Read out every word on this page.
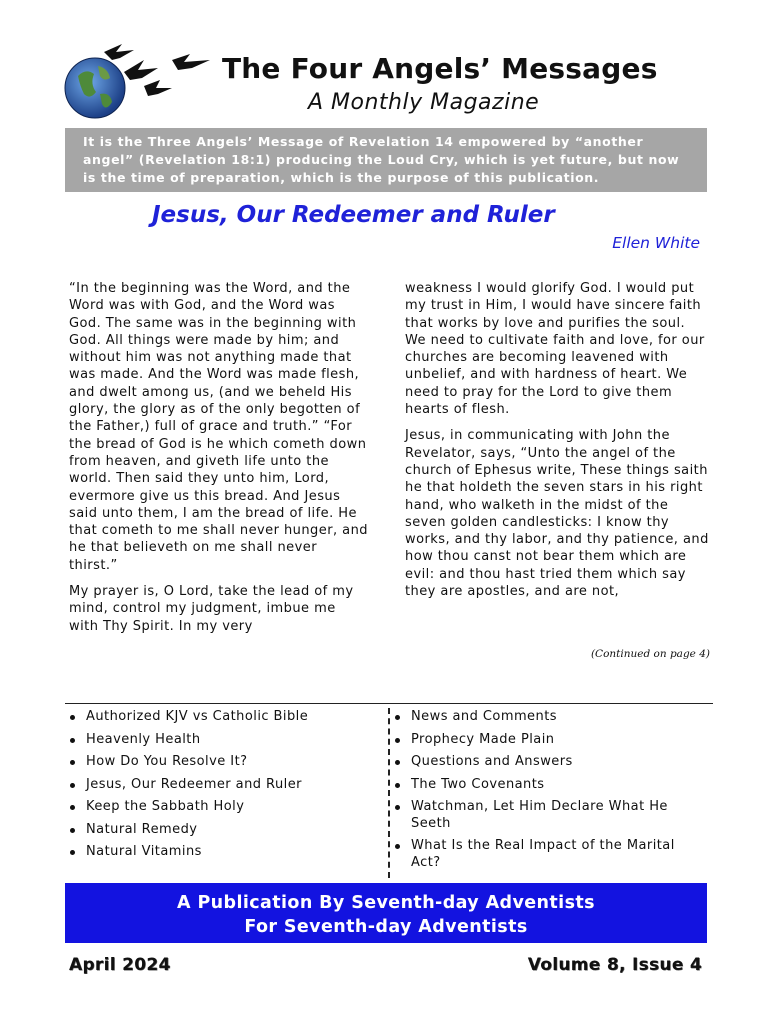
The Four Angels’ Messages
A Monthly Magazine
It is the Three Angels’ Message of Revelation 14 empowered by “another angel” (Revelation 18:1) producing the Loud Cry, which is yet future, but now is the time of preparation, which is the purpose of this publication.
Jesus, Our Redeemer and Ruler
Ellen White

“In the beginning was the Word, and the Word was with God, and the Word was God. The same was in the beginning with God. All things were made by him; and without him was not anything made that was made. And the Word was made flesh, and dwelt among us, (and we beheld His glory, the glory as of the only begotten of the Father,) full of grace and truth.” “For the bread of God is he which cometh down from heaven, and giveth life unto the world. Then said they unto him, Lord, evermore give us this bread. And Jesus said unto them, I am the bread of life. He that cometh to me shall never hunger, and he that believeth on me shall never thirst.”

My prayer is, O Lord, take the lead of my mind, control my judgment, imbue me with Thy Spirit. In my very

weakness I would glorify God. I would put my trust in Him, I would have sincere faith that works by love and purifies the soul. We need to cultivate faith and love, for our churches are becoming leavened with unbelief, and with hardness of heart. We need to pray for the Lord to give them hearts of flesh.

Jesus, in communicating with John the Revelator, says, “Unto the angel of the church of Ephesus write, These things saith he that holdeth the seven stars in his right hand, who walketh in the midst of the seven golden candlesticks: I know thy works, and thy labor, and thy patience, and how thou canst not bear them which are evil: and thou hast tried them which say they are apostles, and are not,

(Continued on page 4)
Authorized KJV vs Catholic Bible
Heavenly Health
How Do You Resolve It?
Jesus, Our Redeemer and Ruler
Keep the Sabbath Holy
Natural Remedy
Natural Vitamins
News and Comments
Prophecy Made Plain
Questions and Answers
The Two Covenants
Watchman, Let Him Declare What He Seeth
What Is the Real Impact of the Marital Act?
A Publication By Seventh-day Adventists
For Seventh-day Adventists
April 2024	Volume 8, Issue 4
